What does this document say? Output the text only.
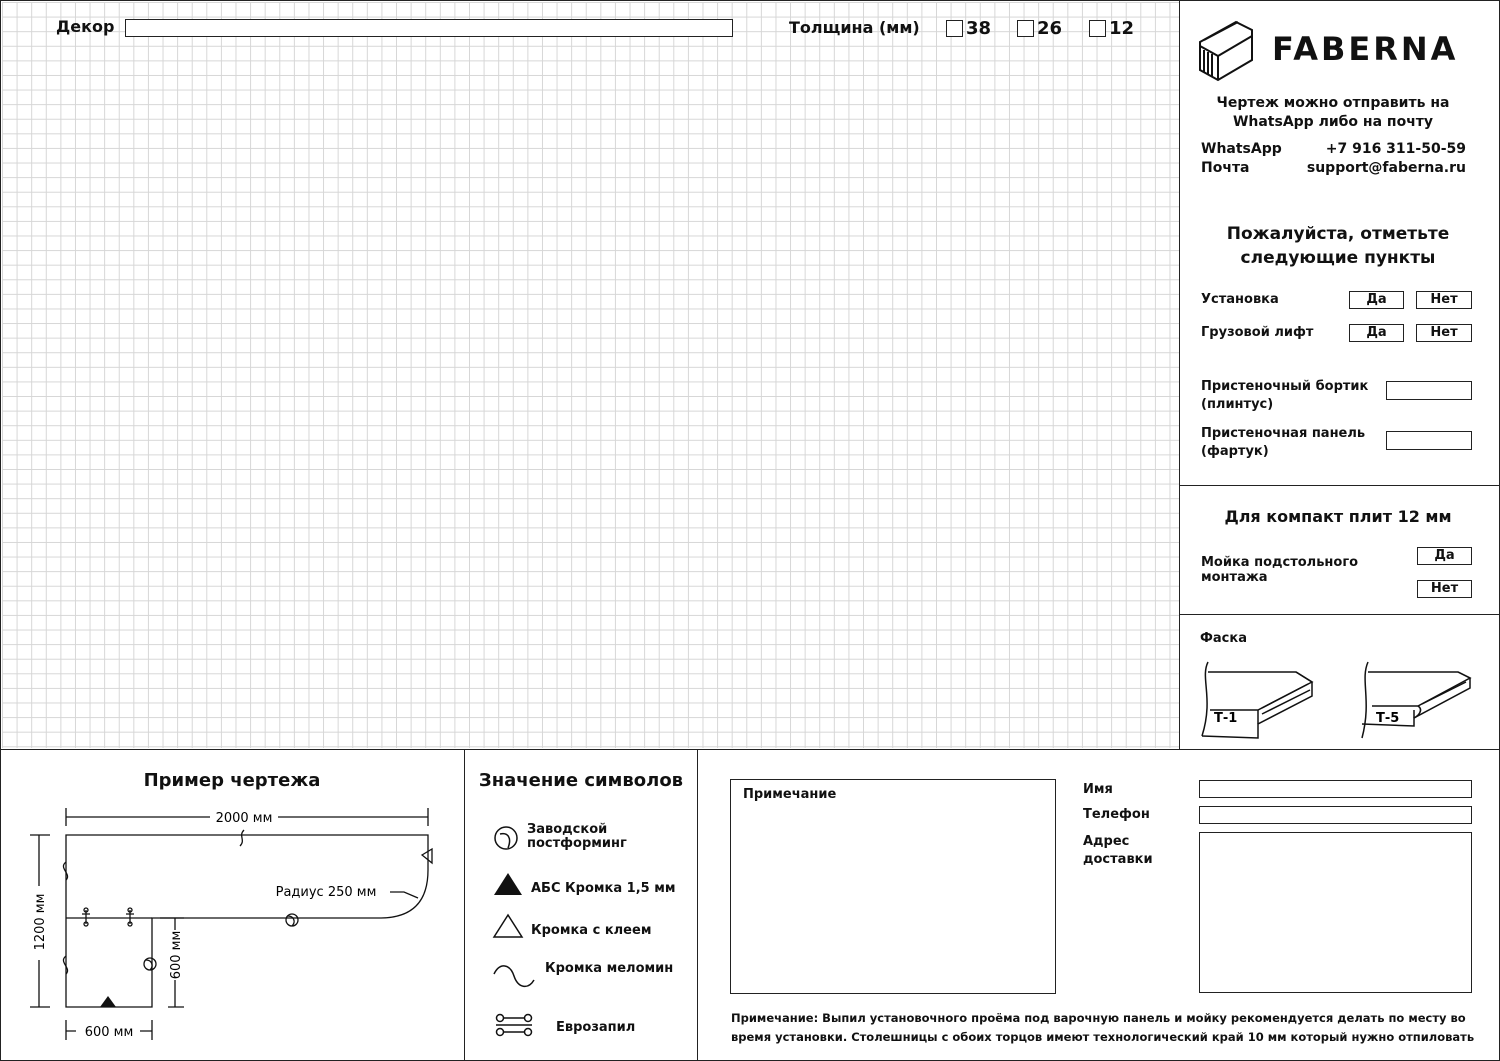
Декор	Толщина (мм)	38	26	12
FABERNA
Чертеж можно отправить на WhatsApp либо на почту
WhatsApp	+7 916 311-50-59
Почта	support@faberna.ru
Пожалуйста, отметьте следующие пункты
Установка	Да	Нет
Грузовой лифт	Да	Нет
Пристеночный бортик (плинтус)
Пристеночная панель (фартук)
Для компакт плит 12 мм
Мойка подстольного монтажа
Да
Нет
Фаска
Т-1	Т-5
Пример чертежа
2000 мм
1200 мм
600 мм
600 мм
Радиус 250 мм
Значение символов
Заводской постформинг
АБС Кромка 1,5 мм
Кромка с клеем
Кромка меломин
Еврозапил
Примечание	Имя
Телефон
Адрес доставки
Примечание: Выпил установочного проёма под варочную панель и мойку рекомендуется делать по месту во время установки. Столешницы с обоих торцов имеют технологический край 10 мм который нужно отпиловать
